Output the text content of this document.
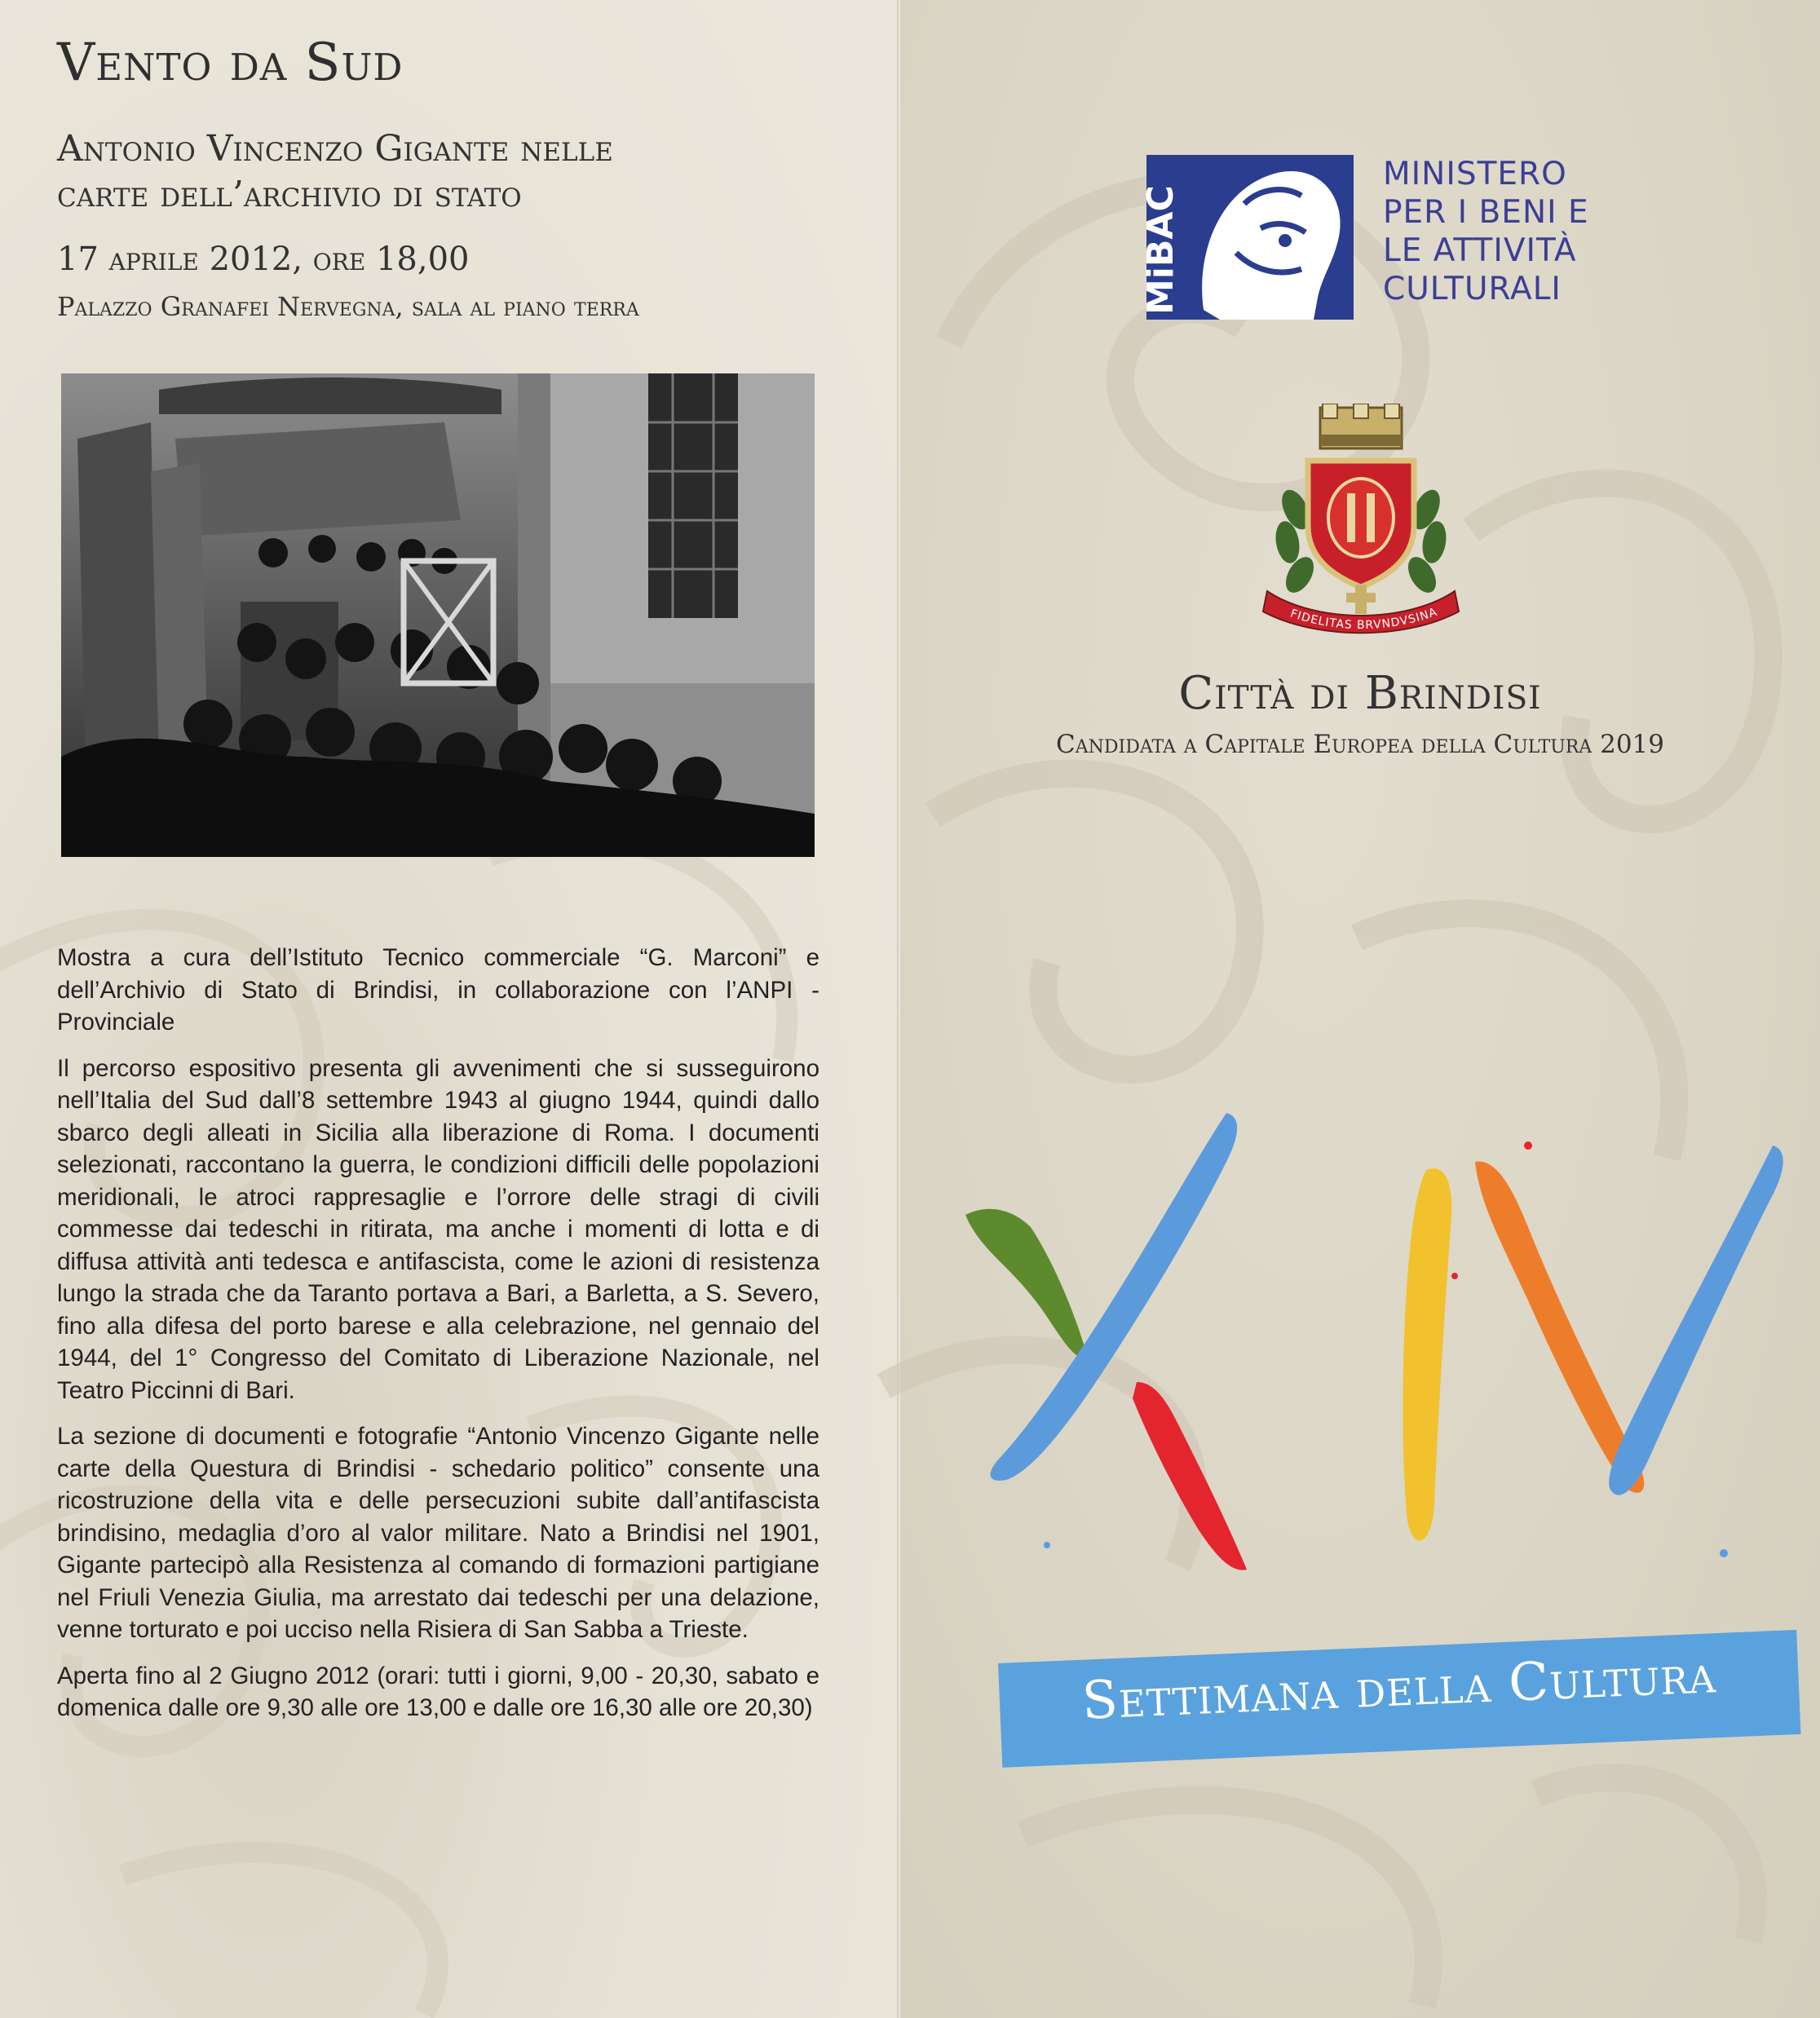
Vento da Sud
Antonio Vincenzo Gigante nelle
carte dell’archivio di stato
17 aprile 2012, ore 18,00
Palazzo Granafei Nervegna, sala al piano terra

Mostra a cura dell’Istituto Tecnico commerciale “G. Marconi” e dell’Archivio di Stato di Brindisi, in collaborazione con l’ANPI - Provinciale

Il percorso espositivo presenta gli avvenimenti che si susseguirono nell’Italia del Sud dall’8 settembre 1943 al giugno 1944, quindi dallo sbarco degli alleati in Sicilia alla liberazione di Roma. I documenti selezionati, raccontano la guerra, le condizioni difficili delle popolazioni meridionali, le atroci rappresaglie e l’orrore delle stragi di civili commesse dai tedeschi in ritirata, ma anche i momenti di lotta e di diffusa attività anti tedesca e antifascista, come le azioni di resistenza lungo la strada che da Taranto portava a Bari, a Barletta, a S. Severo, fino alla difesa del porto barese e alla celebrazione, nel gennaio del 1944, del 1° Congresso del Comitato di Liberazione Nazionale, nel Teatro Piccinni di Bari.

La sezione di documenti e fotografie “Antonio Vincenzo Gigante nelle carte della Questura di Brindisi - schedario politico” consente una ricostruzione della vita e delle persecuzioni subite dall’antifascista brindisino, medaglia d’oro al valor militare. Nato a Brindisi nel 1901, Gigante partecipò alla Resistenza al comando di formazioni partigiane nel Friuli Venezia Giulia, ma arrestato dai tedeschi per una delazione, venne torturato e poi ucciso nella Risiera di San Sabba a Trieste.

Aperta fino al 2 Giugno 2012 (orari: tutti i giorni, 9,00 - 20,30, sabato e domenica dalle ore 9,30 alle ore 13,00 e dalle ore 16,30 alle ore 20,30)

MiBAC
MINISTERO
PER I BENI E
LE ATTIVITÀ
CULTURALI
FIDELITAS BRVNDVSINA
Città di Brindisi
Candidata a Capitale Europea della Cultura 2019
Settimana della Cultura
